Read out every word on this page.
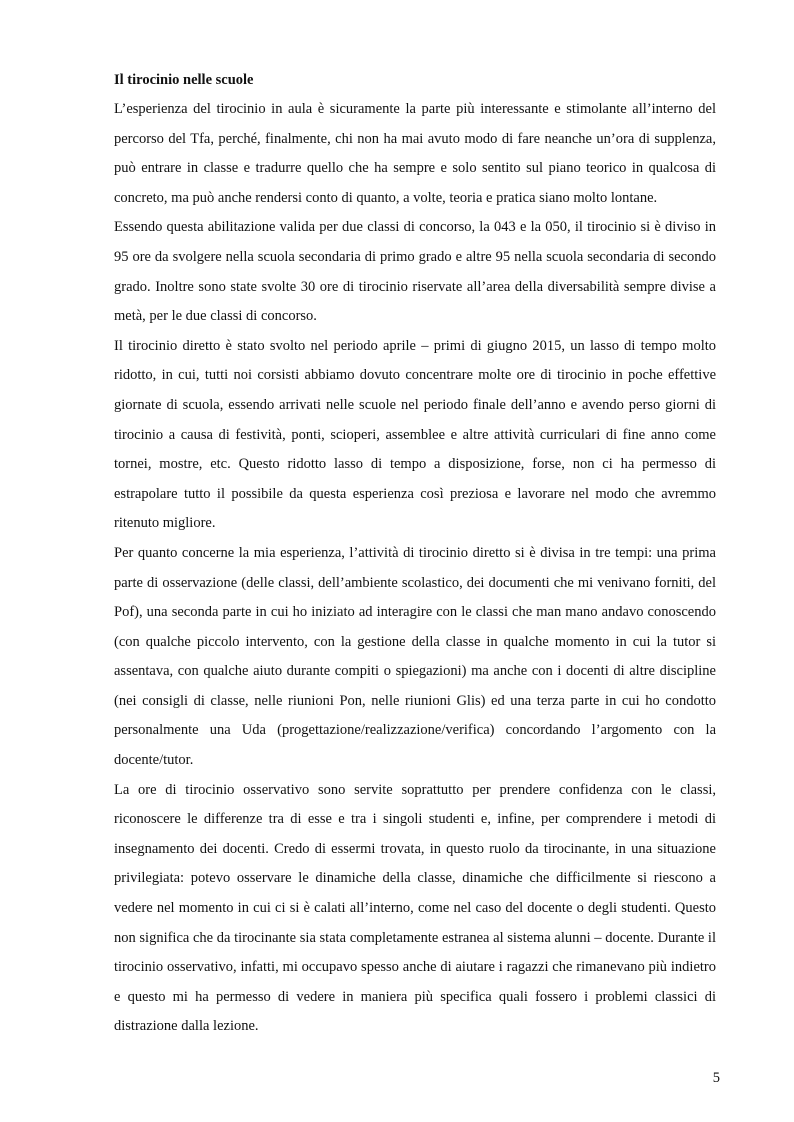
Il tirocinio nelle scuole

L’esperienza del tirocinio in aula è sicuramente la parte più interessante e stimolante all’interno del percorso del Tfa, perché, finalmente, chi non ha mai avuto modo di fare neanche un’ora di supplenza, può entrare in classe e tradurre quello che ha sempre e solo sentito sul piano teorico in qualcosa di concreto, ma può anche rendersi conto di quanto, a volte, teoria e pratica siano molto lontane.

Essendo questa abilitazione valida per due classi di concorso, la 043 e la 050, il tirocinio si è diviso in 95 ore da svolgere nella scuola secondaria di primo grado e altre 95 nella scuola secondaria di secondo grado. Inoltre sono state svolte 30 ore di tirocinio riservate all’area della diversabilità sempre divise a metà, per le due classi di concorso.

Il tirocinio diretto è stato svolto nel periodo aprile – primi di giugno 2015, un lasso di tempo molto ridotto, in cui, tutti noi corsisti abbiamo dovuto concentrare molte ore di tirocinio in poche effettive giornate di scuola, essendo arrivati nelle scuole nel periodo finale dell’anno e avendo perso giorni di tirocinio a causa di festività, ponti, scioperi, assemblee e altre attività curriculari di fine anno come tornei, mostre, etc. Questo ridotto lasso di tempo a disposizione, forse, non ci ha permesso di estrapolare tutto il possibile da questa esperienza così preziosa e lavorare nel modo che avremmo ritenuto migliore.

Per quanto concerne la mia esperienza, l’attività di tirocinio diretto si è divisa in tre tempi: una prima parte di osservazione (delle classi, dell’ambiente scolastico, dei documenti che mi venivano forniti, del Pof), una seconda parte in cui ho iniziato ad interagire con le classi che man mano andavo conoscendo (con qualche piccolo intervento, con la gestione della classe in qualche momento in cui la tutor si assentava, con qualche aiuto durante compiti o spiegazioni) ma anche con i docenti di altre discipline (nei consigli di classe, nelle riunioni Pon, nelle riunioni Glis) ed una terza parte in cui ho condotto personalmente una Uda (progettazione/realizzazione/verifica) concordando l’argomento con la docente/tutor.

La ore di tirocinio osservativo sono servite soprattutto per prendere confidenza con le classi, riconoscere le differenze tra di esse e tra i singoli studenti e, infine, per comprendere i metodi di insegnamento dei docenti. Credo di essermi trovata, in questo ruolo da tirocinante, in una situazione privilegiata: potevo osservare le dinamiche della classe, dinamiche che difficilmente si riescono a vedere nel momento in cui ci si è calati all’interno, come nel caso del docente o degli studenti. Questo non significa che da tirocinante sia stata completamente estranea al sistema alunni – docente. Durante il tirocinio osservativo, infatti, mi occupavo spesso anche di aiutare i ragazzi che rimanevano più indietro e questo mi ha permesso di vedere in maniera più specifica quali fossero i problemi classici di distrazione dalla lezione.

5
